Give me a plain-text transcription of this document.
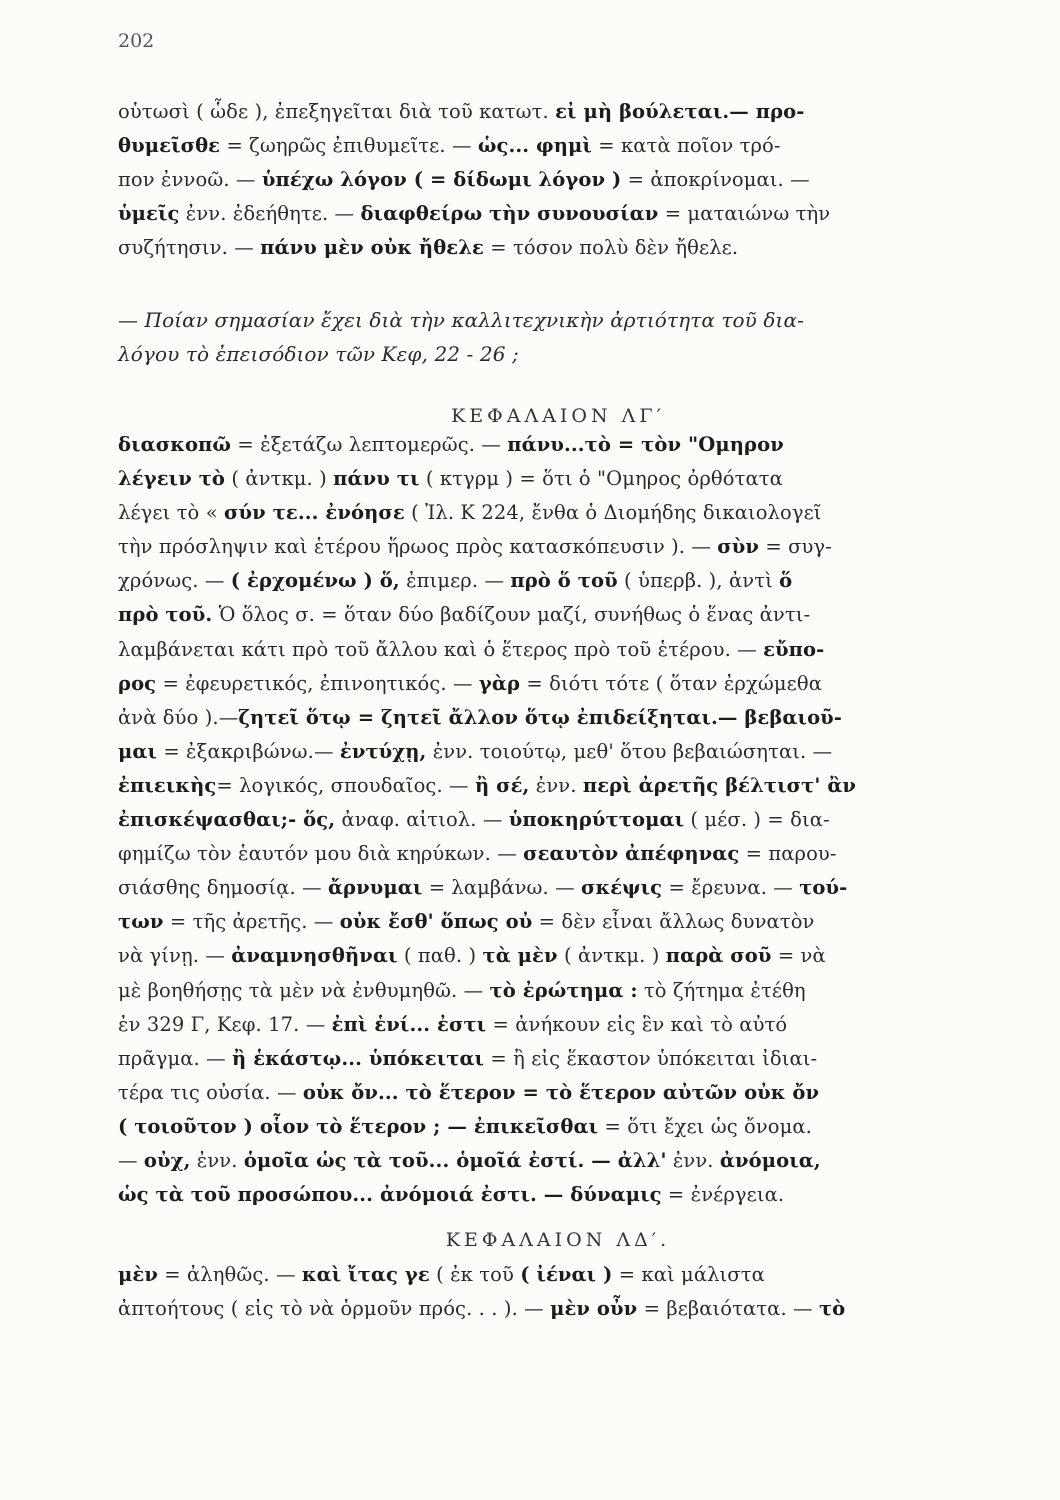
202
οὑτωσὶ ( ὧδε ), ἐπεξηγεῖται διὰ τοῦ κατωτ. εἰ μὴ βούλεται.— προ-
θυμεῖσθε = ζωηρῶς ἐπιθυμεῖτε. — ὡς... φημὶ = κατὰ ποῖον τρό-
πον ἐννοῶ. — ὑπέχω λόγον ( = δίδωμι λόγον ) = ἀποκρίνομαι. —
ὑμεῖς ἐνν. ἐδεήθητε. — διαφθείρω τὴν συνουσίαν = ματαιώνω τὴν
συζήτησιν. — πάνυ μὲν οὐκ ἤθελε = τόσον πολὺ δὲν ἤθελε.
— Ποίαν σημασίαν ἔχει διὰ τὴν καλλιτεχνικὴν ἀρτιότητα τοῦ δια-
λόγου τὸ ἐπεισόδιον τῶν Κεφ, 22 - 26 ;
ΚΕΦΑΛΑΙΟΝ ΛΓ′
διασκοπῶ = ἐξετάζω λεπτομερῶς. — πάνυ...τὸ = τὸν "Ομηρον
λέγειν τὸ ( ἀντκμ. ) πάνυ τι ( κτγρμ ) = ὅτι ὁ "Ομηρος ὀρθότατα
λέγει τὸ « σύν τε... ἐνόησε ( Ἰλ. Κ 224, ἔνθα ὁ Διομήδης δικαιολογεῖ
τὴν πρόσληψιν καὶ ἑτέρου ἥρωος πρὸς κατασκόπευσιν ). — σὺν = συγ-
χρόνως. — ( ἐρχομένω ) ὅ, ἐπιμερ. — πρὸ ὅ τοῦ ( ὑπερβ. ), ἀντὶ ὅ
πρὸ τοῦ. Ὁ ὅλος σ. = ὅταν δύο βαδίζουν μαζί, συνήθως ὁ ἕνας ἀντι-
λαμβάνεται κάτι πρὸ τοῦ ἄλλου καὶ ὁ ἕτερος πρὸ τοῦ ἑτέρου. — εὔπο-
ρος = ἐφευρετικός, ἐπινοητικός. — γὰρ = διότι τότε ( ὅταν ἐρχώμεθα
ἀνὰ δύο ).—ζητεῖ ὅτῳ = ζητεῖ ἄλλον ὅτῳ ἐπιδείξηται.— βεβαιοῦ-
μαι = ἐξακριβώνω.— ἐντύχῃ, ἐνν. τοιούτῳ, μεθ' ὅτου βεβαιώσηται. —
ἐπιεικὴς= λογικός, σπουδαῖος. — ἢ σέ, ἐνν. περὶ ἀρετῆς βέλτιστ' ἂν
ἐπισκέψασθαι;- ὅς, ἀναφ. αἰτιολ. — ὑποκηρύττομαι ( μέσ. ) = δια-
φημίζω τὸν ἑαυτόν μου διὰ κηρύκων. — σεαυτὸν ἀπέφηνας = παρου-
σιάσθης δημοσίᾳ. — ἄρνυμαι = λαμβάνω. — σκέψις = ἔρευνα. — τού-
των = τῆς ἀρετῆς. — οὐκ ἔσθ' ὅπως οὐ = δὲν εἶναι ἄλλως δυνατὸν
νὰ γίνῃ. — ἀναμνησθῆναι ( παθ. ) τὰ μὲν ( ἀντκμ. ) παρὰ σοῦ = νὰ
μὲ βοηθήσῃς τὰ μὲν νὰ ἐνθυμηθῶ. — τὸ ἐρώτημα : τὸ ζήτημα ἐτέθη
ἐν 329 Γ, Κεφ. 17. — ἐπὶ ἑνί... ἐστι = ἀνήκουν εἰς ἓν καὶ τὸ αὐτό
πρᾶγμα. — ἢ ἑκάστῳ... ὑπόκειται = ἢ εἰς ἕκαστον ὑπόκειται ἰδιαι-
τέρα τις οὐσία. — οὐκ ὄν... τὸ ἕτερον = τὸ ἕτερον αὐτῶν οὐκ ὄν
( τοιοῦτον ) οἷον τὸ ἕτερον ; — ἐπικεῖσθαι = ὅτι ἔχει ὡς ὄνομα.
— οὐχ, ἐνν. ὁμοῖα ὡς τὰ τοῦ... ὁμοῖά ἐστί. — ἀλλ' ἐνν. ἀνόμοια,
ὡς τὰ τοῦ προσώπου... ἀνόμοιά ἐστι. — δύναμις = ἐνέργεια.
ΚΕΦΑΛΑΙΟΝ ΛΔ′.
μὲν = ἀληθῶς. — καὶ ἴτας γε ( ἐκ τοῦ ( ἰέναι ) = καὶ μάλιστα
ἀπτοήτους ( εἰς τὸ νὰ ὁρμοῦν πρός. . . ). — μὲν οὖν = βεβαιότατα. — τὸ
